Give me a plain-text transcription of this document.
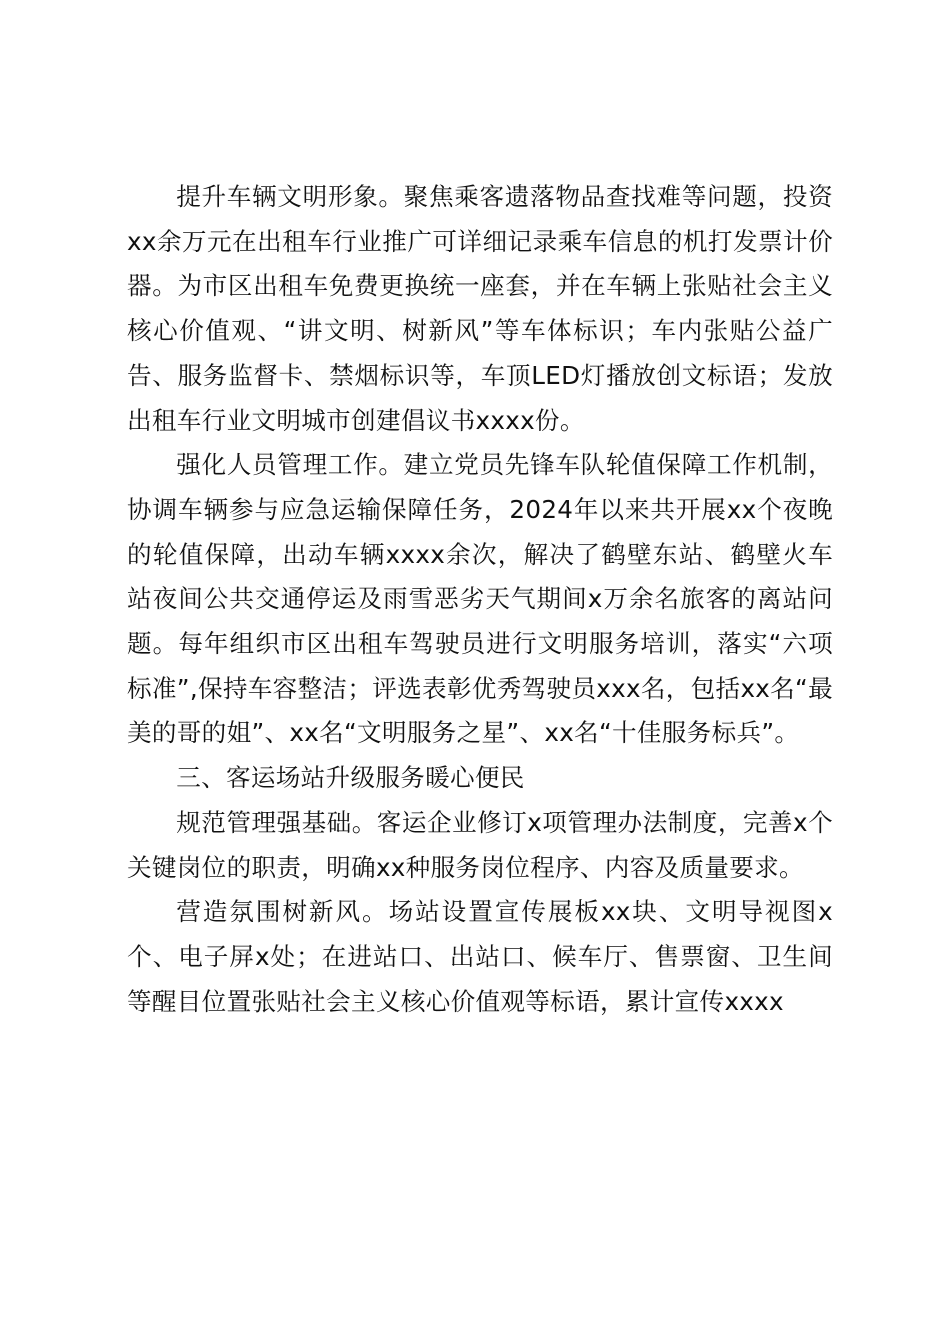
提升车辆文明形象。聚焦乘客遗落物品查找难等问题，投资xx余万元在出租车行业推广可详细记录乘车信息的机打发票计价器。为市区出租车免费更换统一座套，并在车辆上张贴社会主义核心价值观、“讲文明、树新风”等车体标识；车内张贴公益广告、服务监督卡、禁烟标识等，车顶LED灯播放创文标语；发放出租车行业文明城市创建倡议书xxxx份。

强化人员管理工作。建立党员先锋车队轮值保障工作机制，协调车辆参与应急运输保障任务，2024年以来共开展xx个夜晚的轮值保障，出动车辆xxxx余次，解决了鹤壁东站、鹤壁火车站夜间公共交通停运及雨雪恶劣天气期间x万余名旅客的离站问题。每年组织市区出租车驾驶员进行文明服务培训，落实“六项标准”,保持车容整洁；评选表彰优秀驾驶员xxx名，包括xx名“最美的哥的姐”、xx名“文明服务之星”、xx名“十佳服务标兵”。

三、客运场站升级服务暖心便民

规范管理强基础。客运企业修订x项管理办法制度，完善x个关键岗位的职责，明确xx种服务岗位程序、内容及质量要求。

营造氛围树新风。场站设置宣传展板xx块、文明导视图x个、电子屏x处；在进站口、出站口、候车厅、售票窗、卫生间等醒目位置张贴社会主义核心价值观等标语，累计宣传xxxx
